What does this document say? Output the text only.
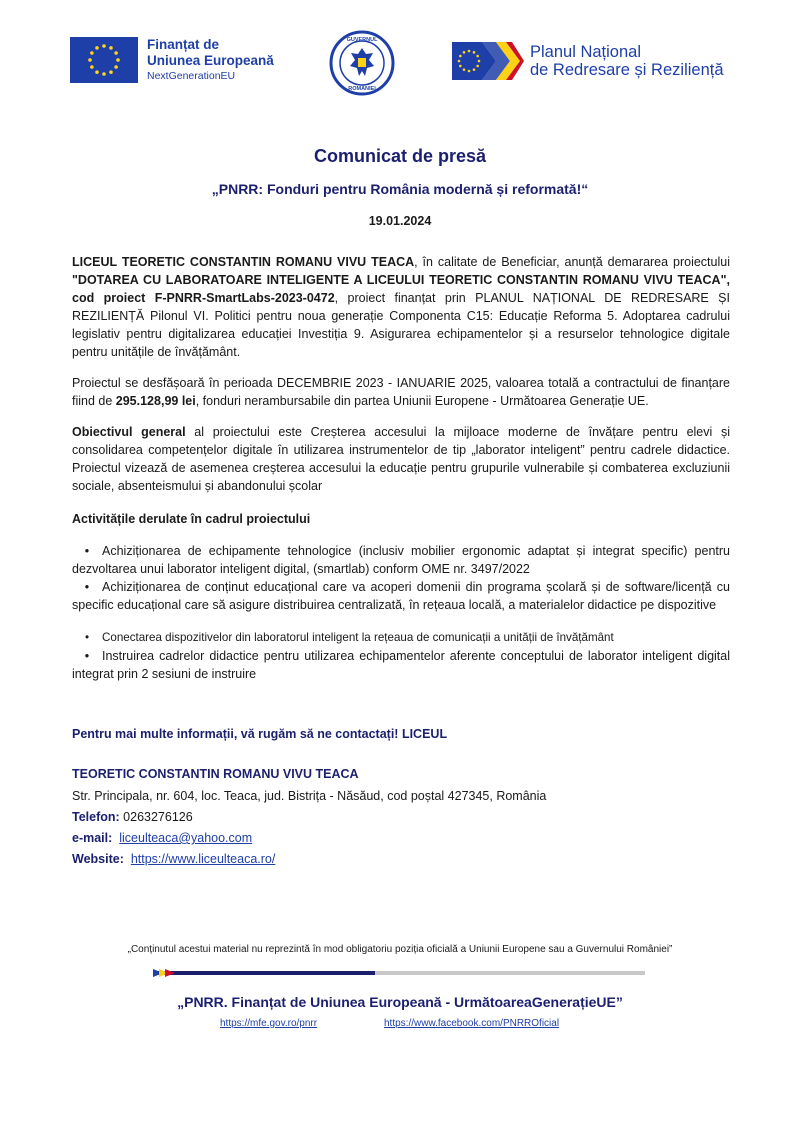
Finanțat de
Uniunea Europeană
NextGenerationEU
GUVERNUL
ROMÂNIEI
Planul Național
de Redresare și Reziliență
Comunicat de presă
„PNRR: Fonduri pentru România modernă și reformată!“
19.01.2024
LICEUL TEORETIC CONSTANTIN ROMANU VIVU TEACA, în calitate de Beneficiar, anunță demararea proiectului "DOTAREA CU LABORATOARE INTELIGENTE A LICEULUI TEORETIC CONSTANTIN ROMANU VIVU TEACA", cod proiect F-PNRR-SmartLabs-2023-0472, proiect finanțat prin PLANUL NAȚIONAL DE REDRESARE ȘI REZILIENȚĂ Pilonul VI. Politici pentru noua generație Componenta C15: Educație Reforma 5. Adoptarea cadrului legislativ pentru digitalizarea educației Investiția 9. Asigurarea echipamentelor și a resurselor tehnologice digitale pentru unitățile de învățământ.
Proiectul se desfășoară în perioada DECEMBRIE 2023 - IANUARIE 2025, valoarea totală a contractului de finanțare fiind de 295.128,99 lei, fonduri nerambursabile din partea Uniunii Europene - Următoarea Generație UE.
Obiectivul general al proiectului este Creșterea accesului la mijloace moderne de învățare pentru elevi și consolidarea competențelor digitale în utilizarea instrumentelor de tip „laborator inteligent” pentru cadrele didactice. Proiectul vizează de asemenea creșterea accesului la educație pentru grupurile vulnerabile și combaterea excluziunii sociale, absenteismului și abandonului școlar
Activitățile derulate în cadrul proiectului
• Achiziționarea de echipamente tehnologice (inclusiv mobilier ergonomic adaptat și integrat specific) pentru dezvoltarea unui laborator inteligent digital, (smartlab) conform OME nr. 3497/2022
• Achiziționarea de conținut educațional care va acoperi domenii din programa școlară și de software/licență cu specific educațional care să asigure distribuirea centralizată, în rețeaua locală, a materialelor didactice pe dispozitive
• Conectarea dispozitivelor din laboratorul inteligent la rețeaua de comunicații a unității de învățământ
• Instruirea cadrelor didactice pentru utilizarea echipamentelor aferente conceptului de laborator inteligent digital integrat prin 2 sesiuni de instruire
Pentru mai multe informații, vă rugăm să ne contactați! LICEUL
TEORETIC CONSTANTIN ROMANU VIVU TEACA
Str. Principala, nr. 604, loc. Teaca, jud. Bistrița - Năsăud, cod poștal 427345, România
Telefon: 0263276126
e-mail: liceulteaca@yahoo.com
Website: https://www.liceulteaca.ro/
„Conținutul acestui material nu reprezintă în mod obligatoriu poziția oficială a Uniunii Europene sau a Guvernului României”
„PNRR. Finanțat de Uniunea Europeană - UrmătoareaGenerațieUE”
https://mfe.gov.ro/pnrr	https://www.facebook.com/PNRROficial
